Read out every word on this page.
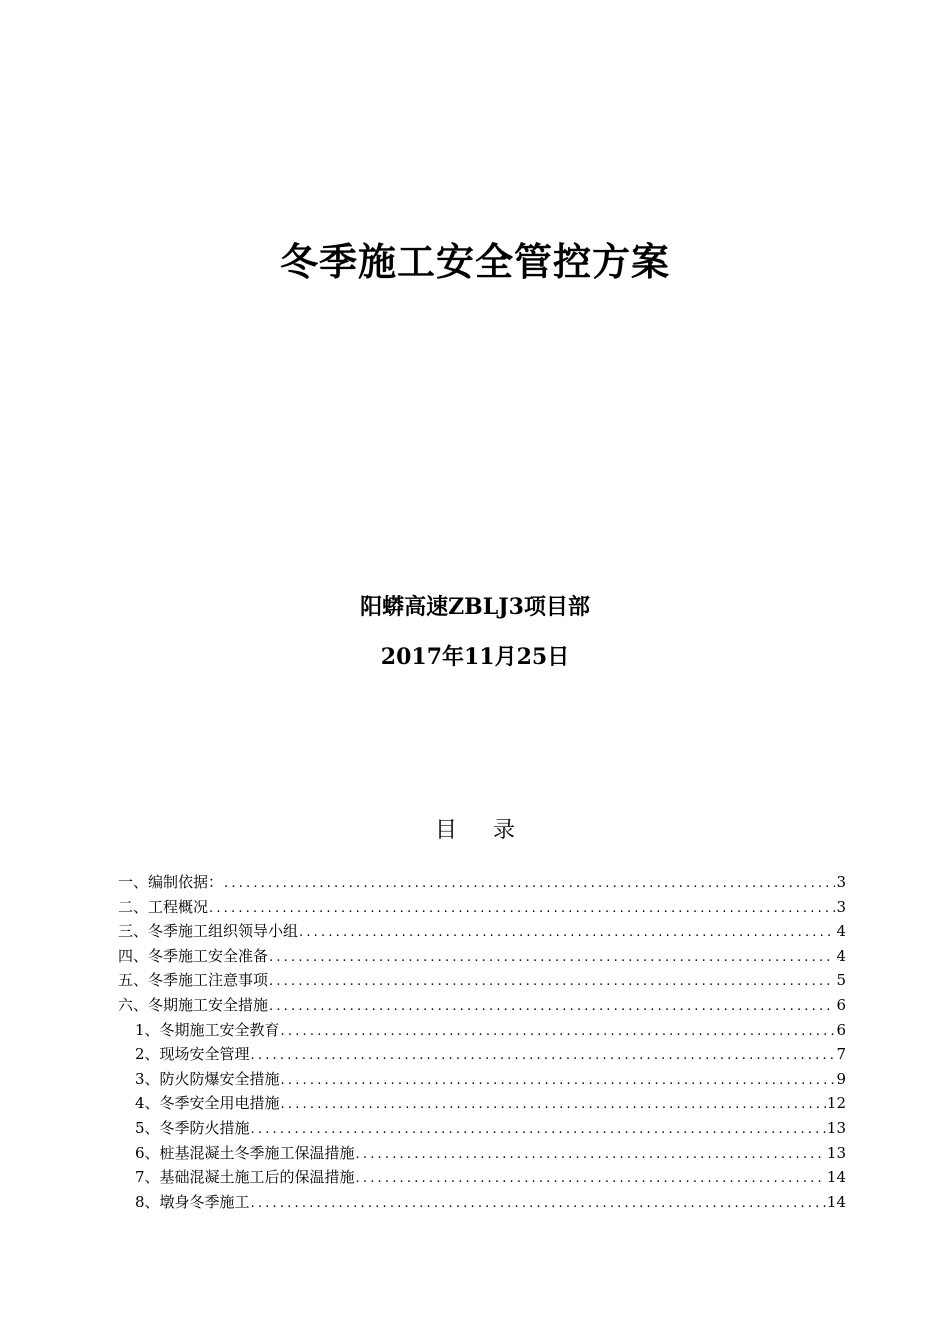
冬季施工安全管控方案
阳蟒高速ZBLJ3项目部
2017年11月25日
目 录
一、编制依据： .....	3
二、工程概况 .....	3
三、冬季施工组织领导小组 .....	4
四、冬季施工安全准备 .....	4
五、冬季施工注意事项 .....	5
六、冬期施工安全措施 .....	6
1、冬期施工安全教育 .....	6
2、现场安全管理 .....	7
3、防火防爆安全措施 .....	9
4、冬季安全用电措施 .....	12
5、冬季防火措施 .....	13
6、桩基混凝土冬季施工保温措施 .....	13
7、基础混凝土施工后的保温措施 .....	14
8、墩身冬季施工 .....	14
